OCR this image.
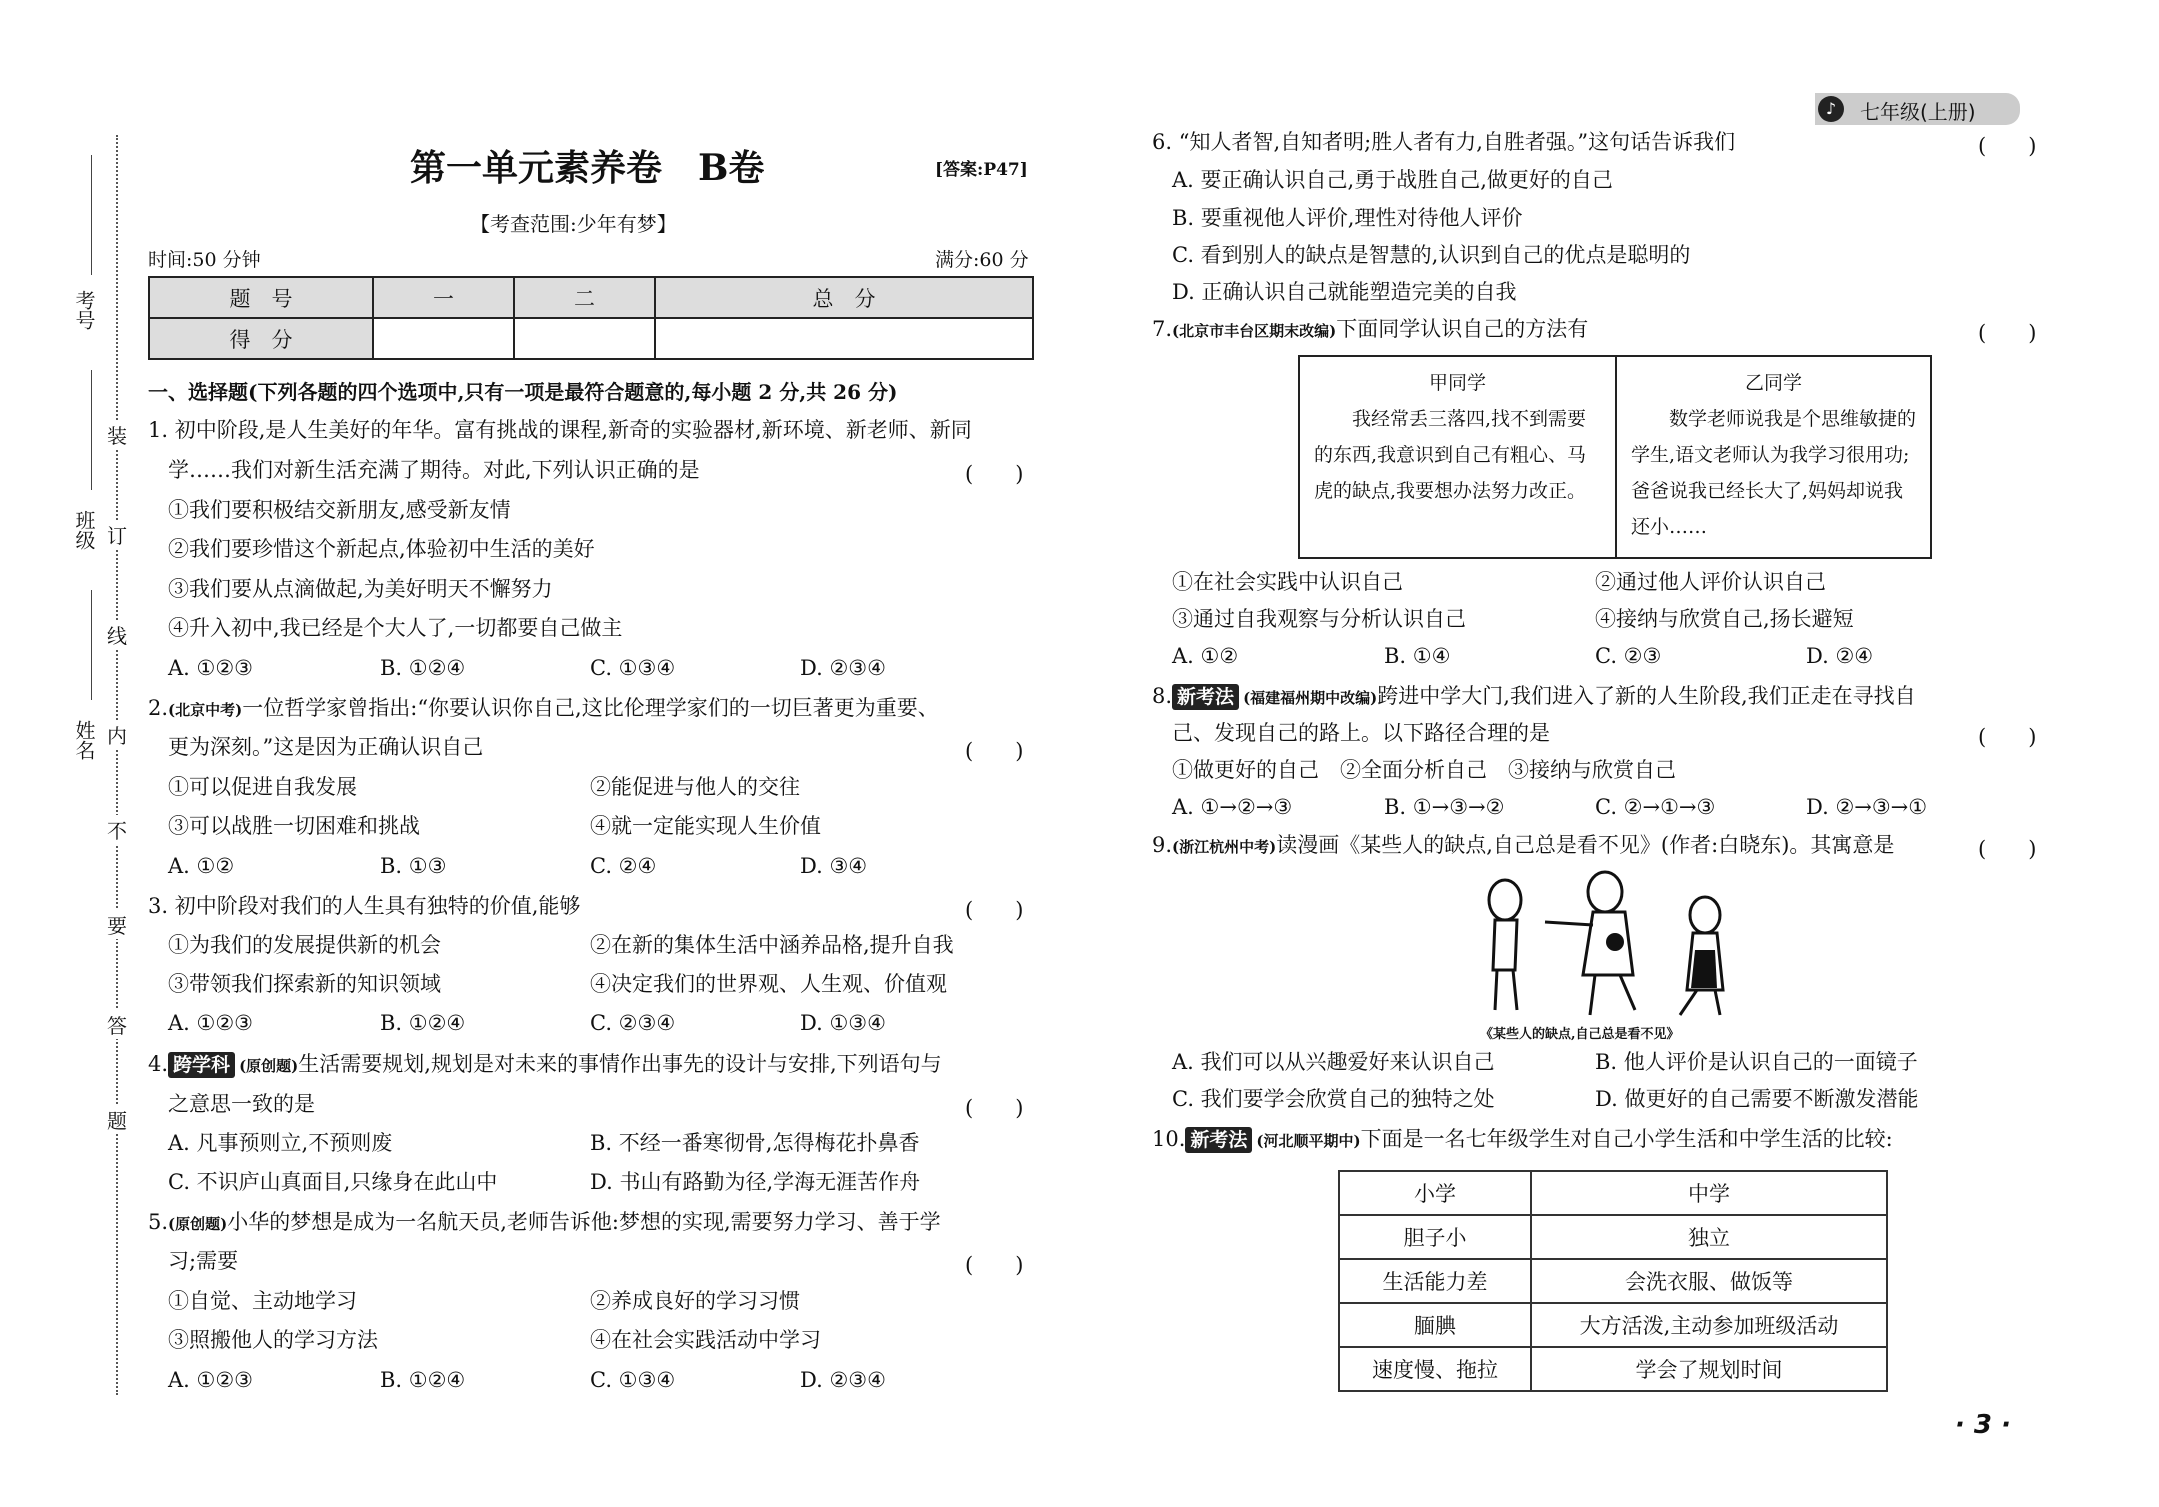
考号
班级
姓名
装
订
线
内
不
要
答
题
第一单元素养卷　B卷	[答案:P47]
【考查范围:少年有梦】
时间:50 分钟	满分:60 分
题　号	一	二	总　分
得　分			
一、选择题(下列各题的四个选项中,只有一项是最符合题意的,每小题 2 分,共 26 分)
1. 初中阶段,是人生美好的年华。富有挑战的课程,新奇的实验器材,新环境、新老师、新同
学……我们对新生活充满了期待。对此,下列认识正确的是	(　　)
①我们要积极结交新朋友,感受新友情
②我们要珍惜这个新起点,体验初中生活的美好
③我们要从点滴做起,为美好明天不懈努力
④升入初中,我已经是个大人了,一切都要自己做主
A. ①②③	B. ①②④	C. ①③④	D. ②③④
2.(北京中考)一位哲学家曾指出:“你要认识你自己,这比伦理学家们的一切巨著更为重要、
更为深刻。”这是因为正确认识自己	(　　)
①可以促进自我发展	②能促进与他人的交往
③可以战胜一切困难和挑战	④就一定能实现人生价值
A. ①②	B. ①③	C. ②④	D. ③④
3. 初中阶段对我们的人生具有独特的价值,能够	(　　)
①为我们的发展提供新的机会	②在新的集体生活中涵养品格,提升自我
③带领我们探索新的知识领域	④决定我们的世界观、人生观、价值观
A. ①②③	B. ①②④	C. ②③④	D. ①③④
4. 跨学科 (原创题)生活需要规划,规划是对未来的事情作出事先的设计与安排,下列语句与
之意思一致的是	(　　)
A. 凡事预则立,不预则废	B. 不经一番寒彻骨,怎得梅花扑鼻香
C. 不识庐山真面目,只缘身在此山中	D. 书山有路勤为径,学海无涯苦作舟
5.(原创题)小华的梦想是成为一名航天员,老师告诉他:梦想的实现,需要努力学习、善于学
习;需要	(　　)
①自觉、主动地学习	②养成良好的学习习惯
③照搬他人的学习方法	④在社会实践活动中学习
A. ①②③	B. ①②④	C. ①③④	D. ②③④
♪	七年级(上册)
6. “知人者智,自知者明;胜人者有力,自胜者强。”这句话告诉我们	(　　)
A. 要正确认识自己,勇于战胜自己,做更好的自己
B. 要重视他人评价,理性对待他人评价
C. 看到别人的缺点是智慧的,认识到自己的优点是聪明的
D. 正确认识自己就能塑造完美的自我
7.(北京市丰台区期末改编)下面同学认识自己的方法有	(　　)
甲同学
　　我经常丢三落四,找不到需要的东西,我意识到自己有粗心、马虎的缺点,我要想办法努力改正。
乙同学
　　数学老师说我是个思维敏捷的学生,语文老师认为我学习很用功;爸爸说我已经长大了,妈妈却说我还小……
①在社会实践中认识自己	②通过他人评价认识自己
③通过自我观察与分析认识自己	④接纳与欣赏自己,扬长避短
A. ①②	B. ①④	C. ②③	D. ②④
8. 新考法 (福建福州期中改编)跨进中学大门,我们进入了新的人生阶段,我们正走在寻找自
己、发现自己的路上。以下路径合理的是	(　　)
①做更好的自己　②全面分析自己　③接纳与欣赏自己
A. ①→②→③	B. ①→③→②	C. ②→①→③	D. ②→③→①
9.(浙江杭州中考)读漫画《某些人的缺点,自己总是看不见》(作者:白晓东)。其寓意是	(　　)
《某些人的缺点,自己总是看不见》
A. 我们可以从兴趣爱好来认识自己	B. 他人评价是认识自己的一面镜子
C. 我们要学会欣赏自己的独特之处	D. 做更好的自己需要不断激发潜能
10. 新考法 (河北顺平期中)下面是一名七年级学生对自己小学生活和中学生活的比较:
小学	中学
胆子小	独立
生活能力差	会洗衣服、做饭等
腼腆	大方活泼,主动参加班级活动
速度慢、拖拉	学会了规划时间
· 3 ·
